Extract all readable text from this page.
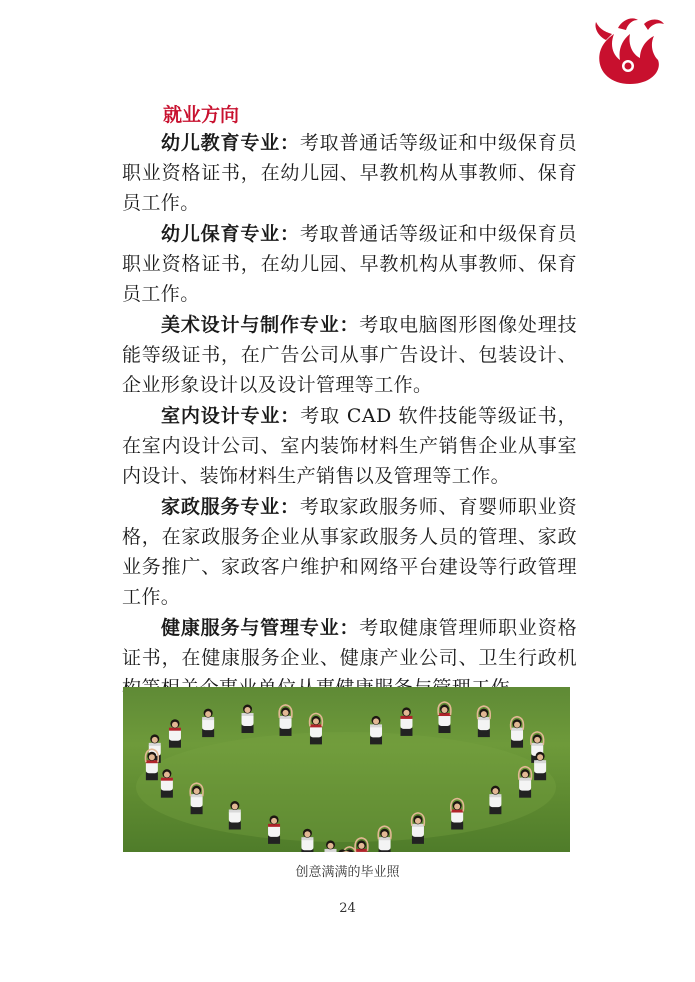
就业方向

幼儿教育专业：考取普通话等级证和中级保育员职业资格证书，在幼儿园、早教机构从事教师、保育员工作。

幼儿保育专业：考取普通话等级证和中级保育员职业资格证书，在幼儿园、早教机构从事教师、保育员工作。

美术设计与制作专业：考取电脑图形图像处理技能等级证书，在广告公司从事广告设计、包装设计、企业形象设计以及设计管理等工作。

室内设计专业：考取 CAD 软件技能等级证书，在室内设计公司、室内装饰材料生产销售企业从事室内设计、装饰材料生产销售以及管理等工作。

家政服务专业：考取家政服务师、育婴师职业资格，在家政服务企业从事家政服务人员的管理、家政业务推广、家政客户维护和网络平台建设等行政管理工作。

健康服务与管理专业：考取健康管理师职业资格证书，在健康服务企业、健康产业公司、卫生行政机

创意满满的毕业照
24
